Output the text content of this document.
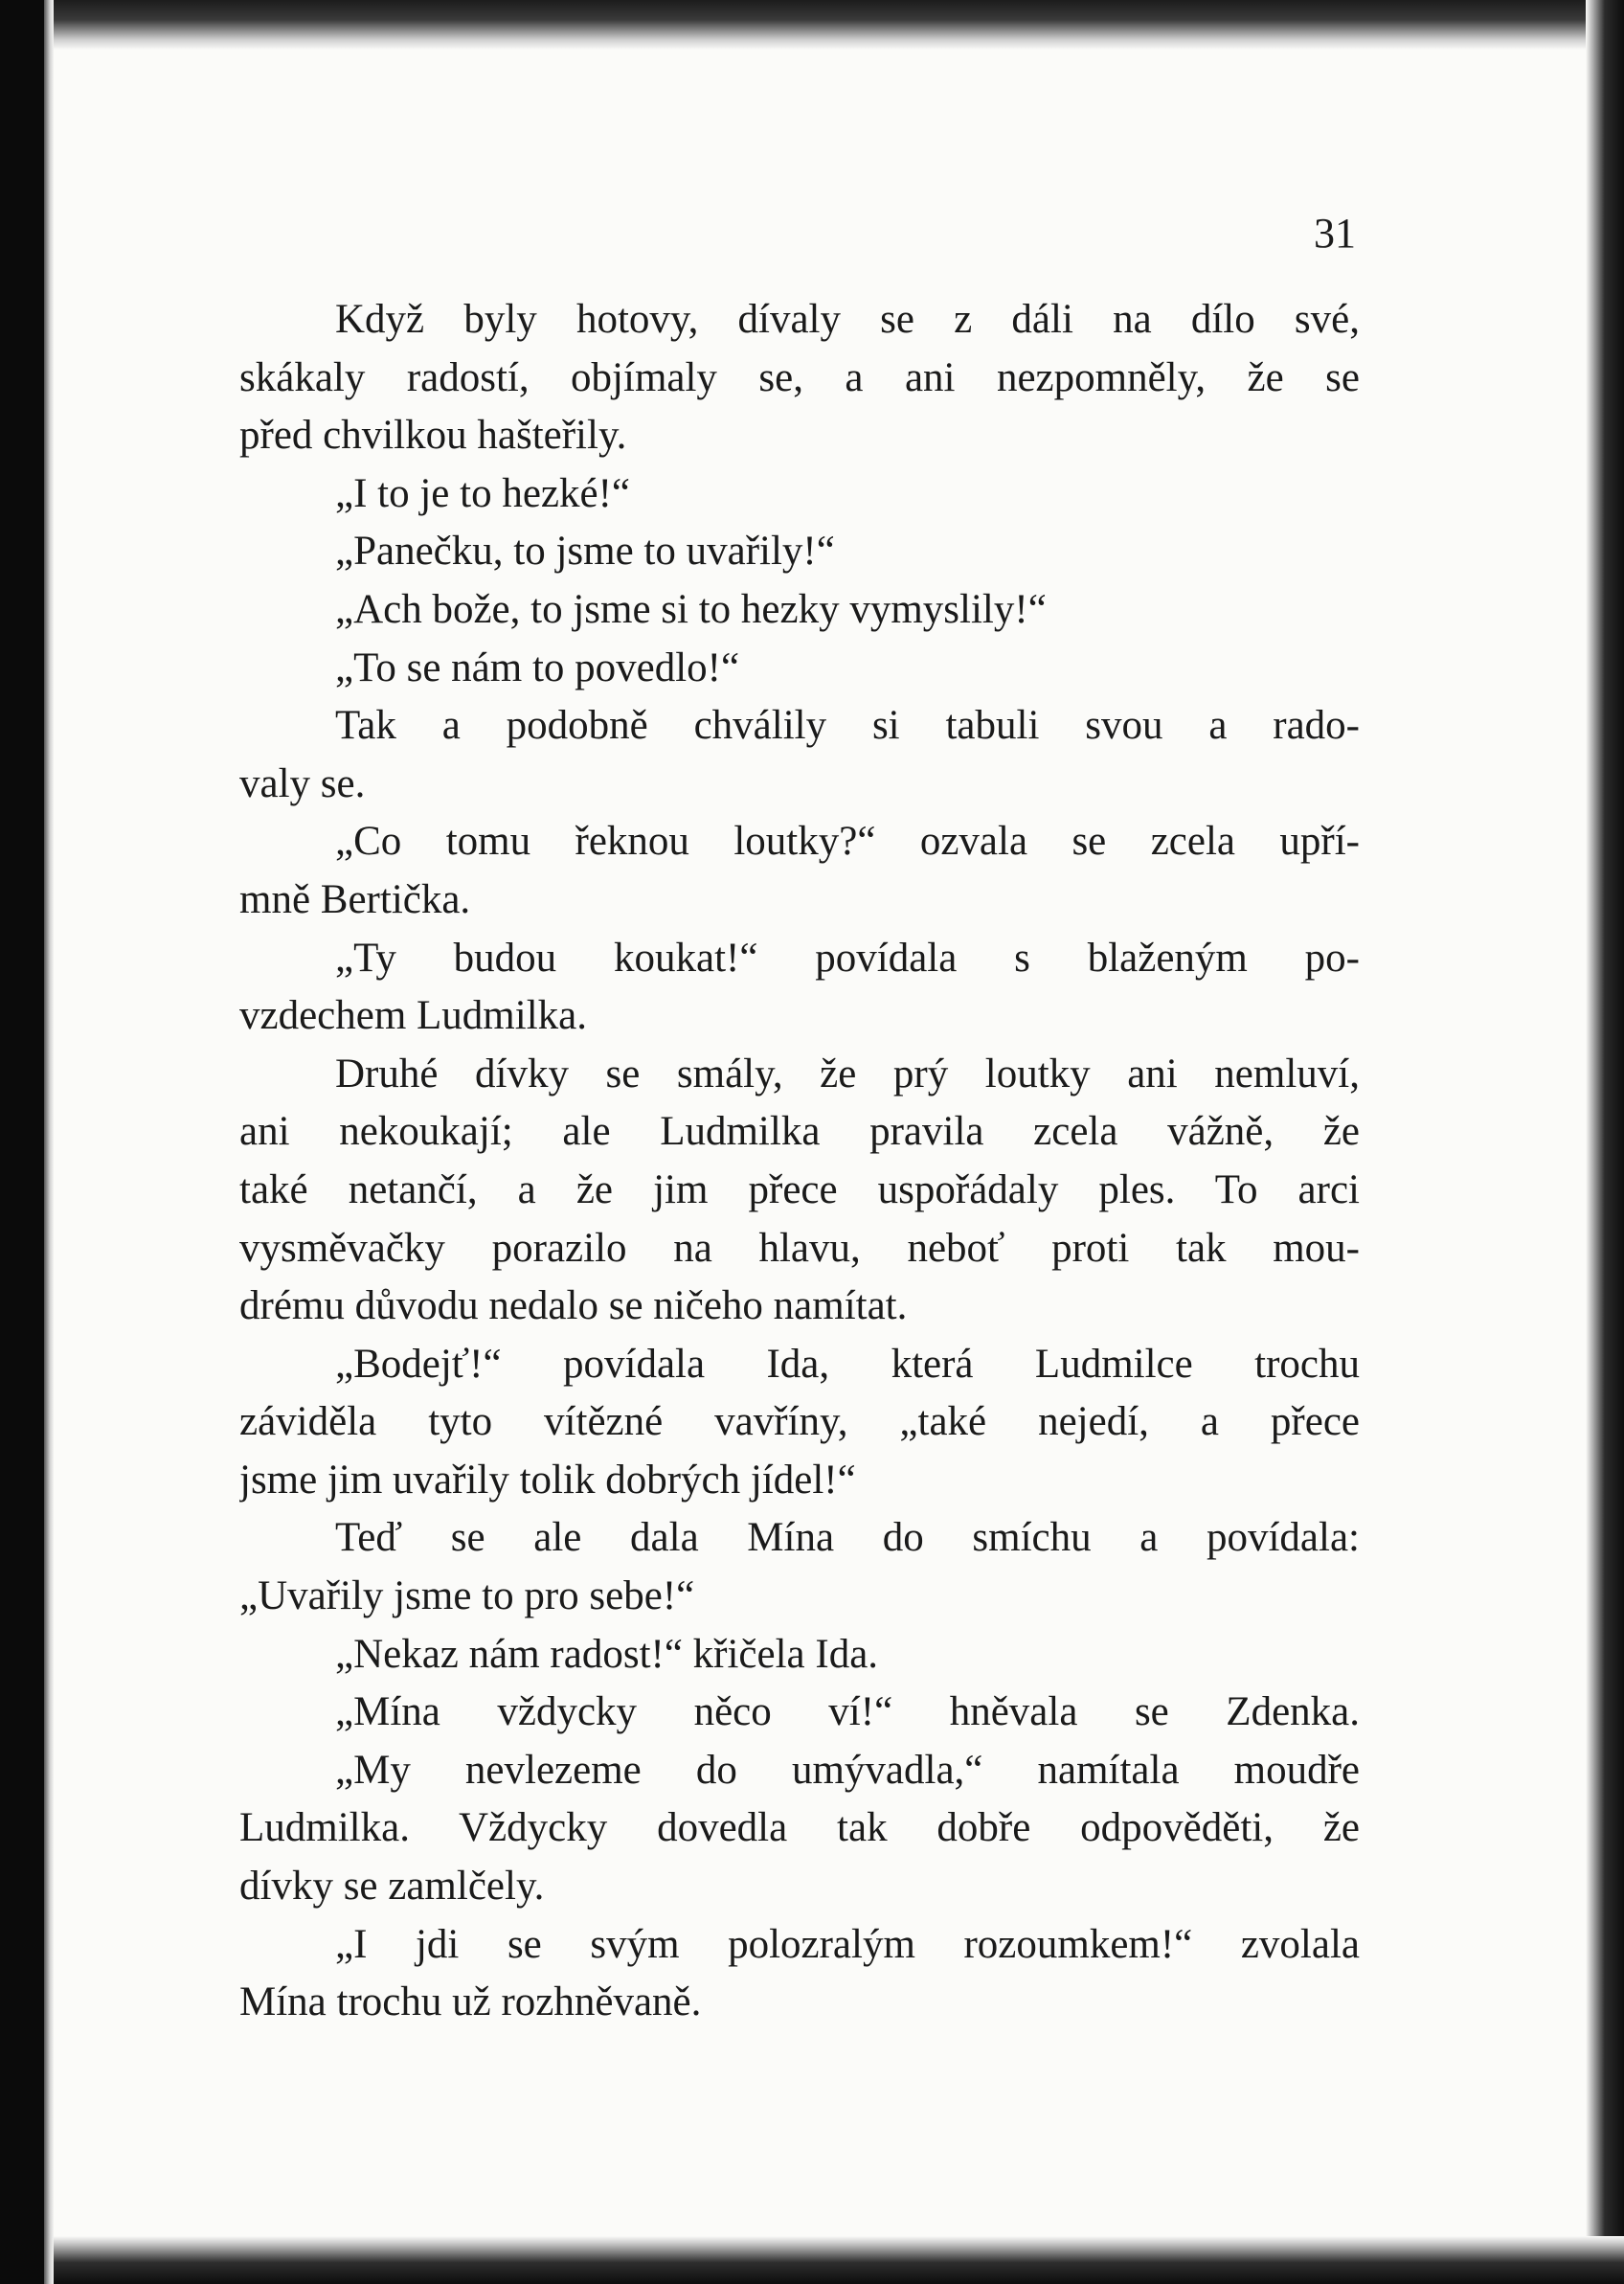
31
Když byly hotovy, dívaly se z dáli na dílo své,
skákaly radostí, objímaly se, a ani nezpomněly, že se
před chvilkou hašteřily.
„I to je to hezké!“
„Panečku, to jsme to uvařily!“
„Ach bože, to jsme si to hezky vymyslily!“
„To se nám to povedlo!“
Tak a podobně chválily si tabuli svou a rado-
valy se.
„Co tomu řeknou loutky?“ ozvala se zcela upří-
mně Bertička.
„Ty budou koukat!“ povídala s blaženým po-
vzdechem Ludmilka.
Druhé dívky se smály, že prý loutky ani nemluví,
ani nekoukají; ale Ludmilka pravila zcela vážně, že
také netančí, a že jim přece uspořádaly ples. To arci
vysměvačky porazilo na hlavu, neboť proti tak mou-
drému důvodu nedalo se ničeho namítat.
„Bodejť!“ povídala Ida, která Ludmilce trochu
záviděla tyto vítězné vavříny, „také nejedí, a přece
jsme jim uvařily tolik dobrých jídel!“
Teď se ale dala Mína do smíchu a povídala:
„Uvařily jsme to pro sebe!“
„Nekaz nám radost!“ křičela Ida.
„Mína vždycky něco ví!“ hněvala se Zdenka.
„My nevlezeme do umývadla,“ namítala moudře
Ludmilka. Vždycky dovedla tak dobře odpověděti, že
dívky se zamlčely.
„I jdi se svým polozralým rozoumkem!“ zvolala
Mína trochu už rozhněvaně.
